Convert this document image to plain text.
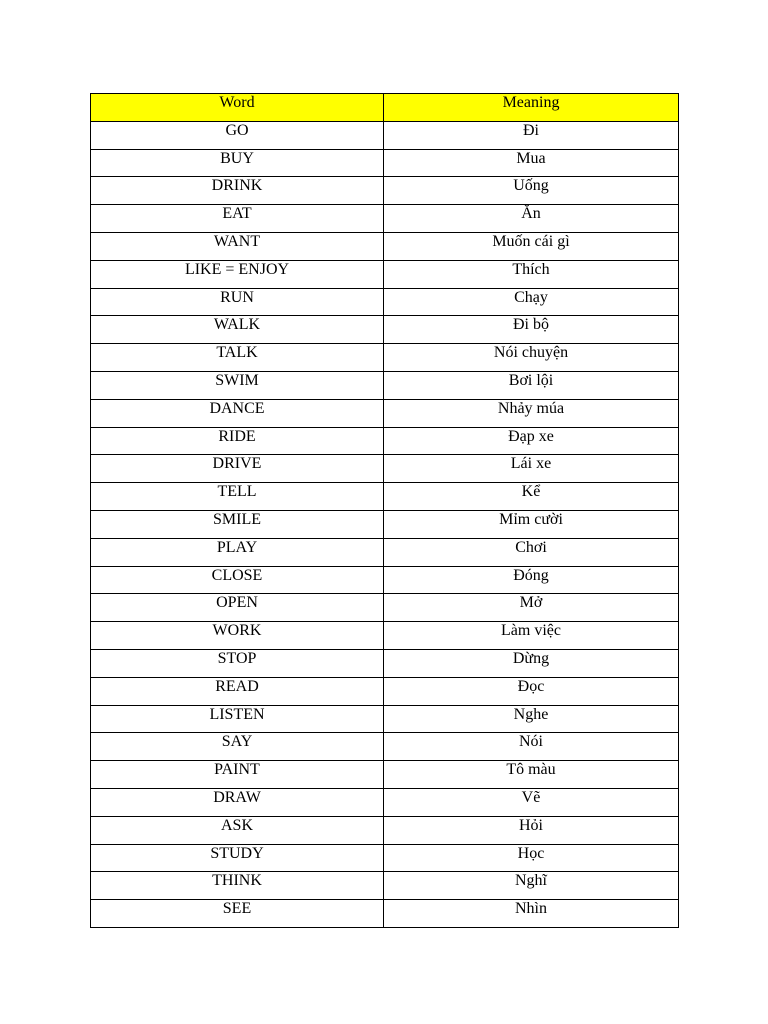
Word	Meaning
GO	Đi
BUY	Mua
DRINK	Uống
EAT	Ăn
WANT	Muốn cái gì
LIKE = ENJOY	Thích
RUN	Chạy
WALK	Đi bộ
TALK	Nói chuyện
SWIM	Bơi lội
DANCE	Nhảy múa
RIDE	Đạp xe
DRIVE	Lái xe
TELL	Kể
SMILE	Mỉm cười
PLAY	Chơi
CLOSE	Đóng
OPEN	Mở
WORK	Làm việc
STOP	Dừng
READ	Đọc
LISTEN	Nghe
SAY	Nói
PAINT	Tô màu
DRAW	Vẽ
ASK	Hỏi
STUDY	Học
THINK	Nghĩ
SEE	Nhìn
